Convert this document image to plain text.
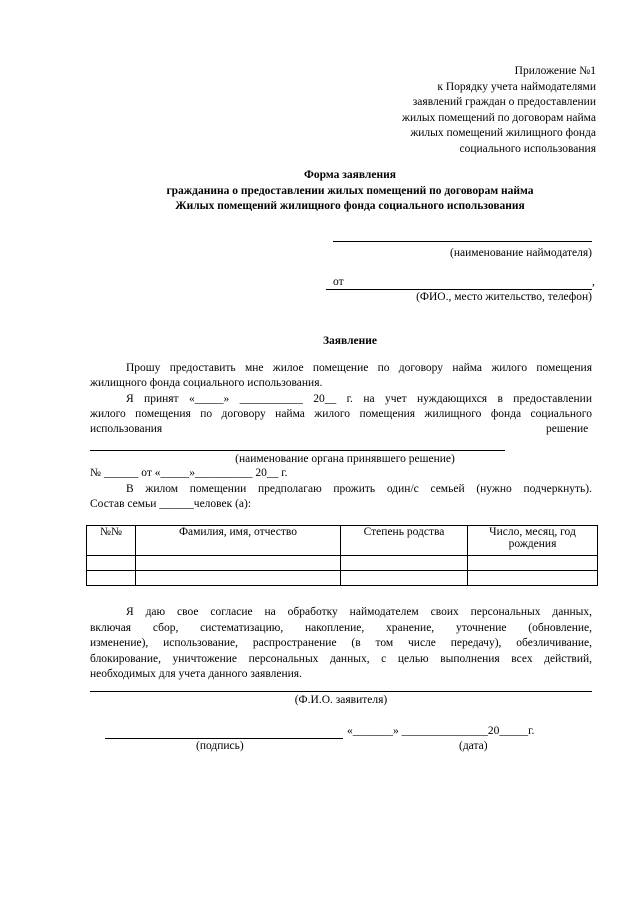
Приложение №1
к Порядку учета наймодателями
заявлений граждан о предоставлении
жилых помещений по договорам найма
жилых помещений жилищного фонда
социального использования
Форма заявления
гражданина о предоставлении жилых помещений по договорам найма
Жилых помещений жилищного фонда социального использования
(наименование наймодателя)
от	,
(ФИО., место жительство, телефон)
Заявление
Прошу предоставить мне жилое помещение по договору найма жилого помещения
жилищного фонда социального использования.
Я принят «_____» ___________ 20__ г. на учет нуждающихся в предоставлении
жилого помещения по договору найма жилого помещения жилищного фонда социального
использования	решение
(наименование органа принявшего решение)
№ ______ от «_____»__________ 20__ г.
В жилом помещении предполагаю прожить один/с семьей (нужно подчеркнуть).
Состав семьи ______человек (а):
№№	Фамилия, имя, отчество	Степень родства	Число, месяц, год рождения

Я даю свое согласие на обработку наймодателем своих персональных данных,
включая сбор, систематизацию, накопление, хранение, уточнение (обновление,
изменение), использование, распространение (в том числе передачу), обезличивание,
блокирование, уничтожение персональных данных, с целью выполнения всех действий,
необходимых для учета данного заявления.
(Ф.И.О. заявителя)
«_______» _______________20_____г.
(подпись)	(дата)
